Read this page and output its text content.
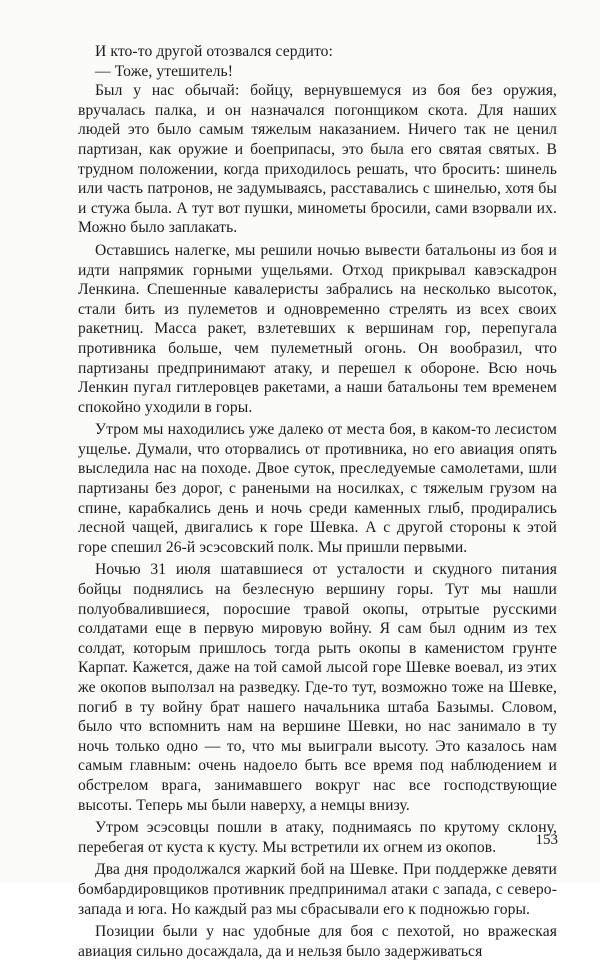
И кто-то другой отозвался сердито:

— Тоже, утешитель!

Был у нас обычай: бойцу, вернувшемуся из боя без оружия, вручалась палка, и он назначался погонщиком скота. Для наших людей это было самым тяжелым наказанием. Ничего так не ценил партизан, как оружие и боеприпасы, это была его святая святых. В трудном положении, когда приходилось решать, что бросить: шинель или часть патронов, не задумываясь, расставались с шинелью, хотя бы и стужа была. А тут вот пушки, минометы бросили, сами взорвали их. Можно было заплакать.

Оставшись налегке, мы решили ночью вывести батальоны из боя и идти напрямик горными ущельями. Отход прикрывал кавэскадрон Ленкина. Спешенные кавалеристы забрались на несколько высоток, стали бить из пулеметов и одновременно стрелять из всех своих ракетниц. Масса ракет, взлетевших к вершинам гор, перепугала противника больше, чем пулеметный огонь. Он вообразил, что партизаны предпринимают атаку, и перешел к обороне. Всю ночь Ленкин пугал гитлеровцев ракетами, а наши батальоны тем временем спокойно уходили в горы.

Утром мы находились уже далеко от места боя, в каком-то лесистом ущелье. Думали, что оторвались от противника, но его авиация опять выследила нас на походе. Двое суток, преследуемые самолетами, шли партизаны без дорог, с ранеными на носилках, с тяжелым грузом на спине, карабкались день и ночь среди каменных глыб, продирались лесной чащей, двигались к горе Шевка. А с другой стороны к этой горе спешил 26-й эсэсовский полк. Мы пришли первыми.

Ночью 31 июля шатавшиеся от усталости и скудного питания бойцы поднялись на безлесную вершину горы. Тут мы нашли полуобвалившиеся, поросшие травой окопы, отрытые русскими солдатами еще в первую мировую войну. Я сам был одним из тех солдат, которым пришлось тогда рыть окопы в каменистом грунте Карпат. Кажется, даже на той самой лысой горе Шевке воевал, из этих же окопов выползал на разведку. Где-то тут, возможно тоже на Шевке, погиб в ту войну брат нашего начальника штаба Базымы. Словом, было что вспомнить нам на вершине Шевки, но нас занимало в ту ночь только одно — то, что мы выиграли высоту. Это казалось нам самым главным: очень надоело быть все время под наблюдением и обстрелом врага, занимавшего вокруг нас все господствующие высоты. Теперь мы были наверху, а немцы внизу.

Утром эсэсовцы пошли в атаку, поднимаясь по крутому склону, перебегая от куста к кусту. Мы встретили их огнем из окопов.

Два дня продолжался жаркий бой на Шевке. При поддержке девяти бомбардировщиков противник предпринимал атаки с запада, с северо-запада и юга. Но каждый раз мы сбрасывали его к подножью горы.

Позиции были у нас удобные для боя с пехотой, но вражеская авиация сильно досаждала, да и нельзя было задерживаться

153
